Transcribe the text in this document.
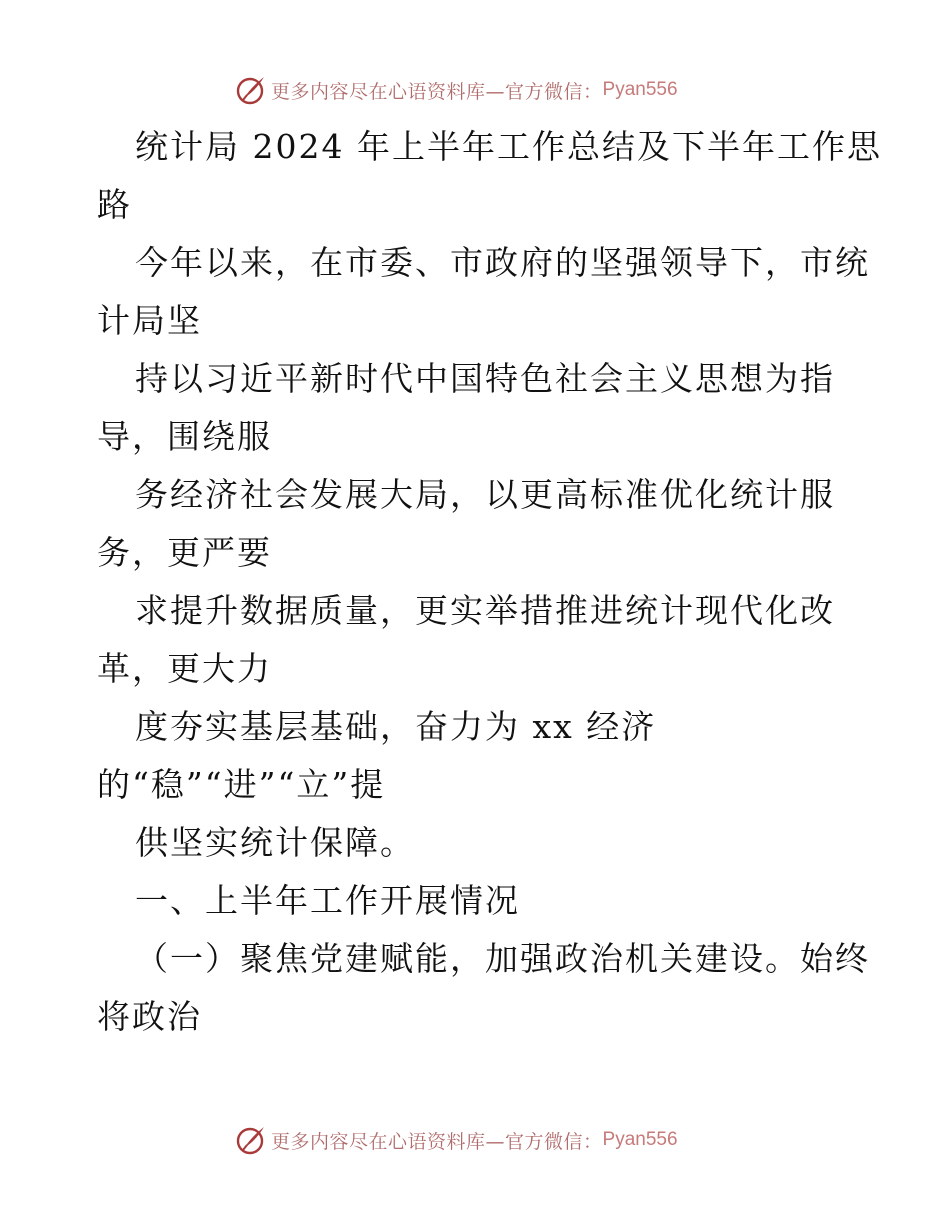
更多内容尽在心语资料库—官方微信： Pyan556
统计局 2024 年上半年工作总结及下半年工作思
路
今年以来，在市委、市政府的坚强领导下，市统
计局坚
持以习近平新时代中国特色社会主义思想为指
导，围绕服
务经济社会发展大局，以更高标准优化统计服
务，更严要
求提升数据质量，更实举措推进统计现代化改
革，更大力
度夯实基层基础，奋力为 xx 经济
的“稳”“进”“立”提
供坚实统计保障。
一、上半年工作开展情况
（一）聚焦党建赋能，加强政治机关建设。始终
将政治
更多内容尽在心语资料库—官方微信： Pyan556
